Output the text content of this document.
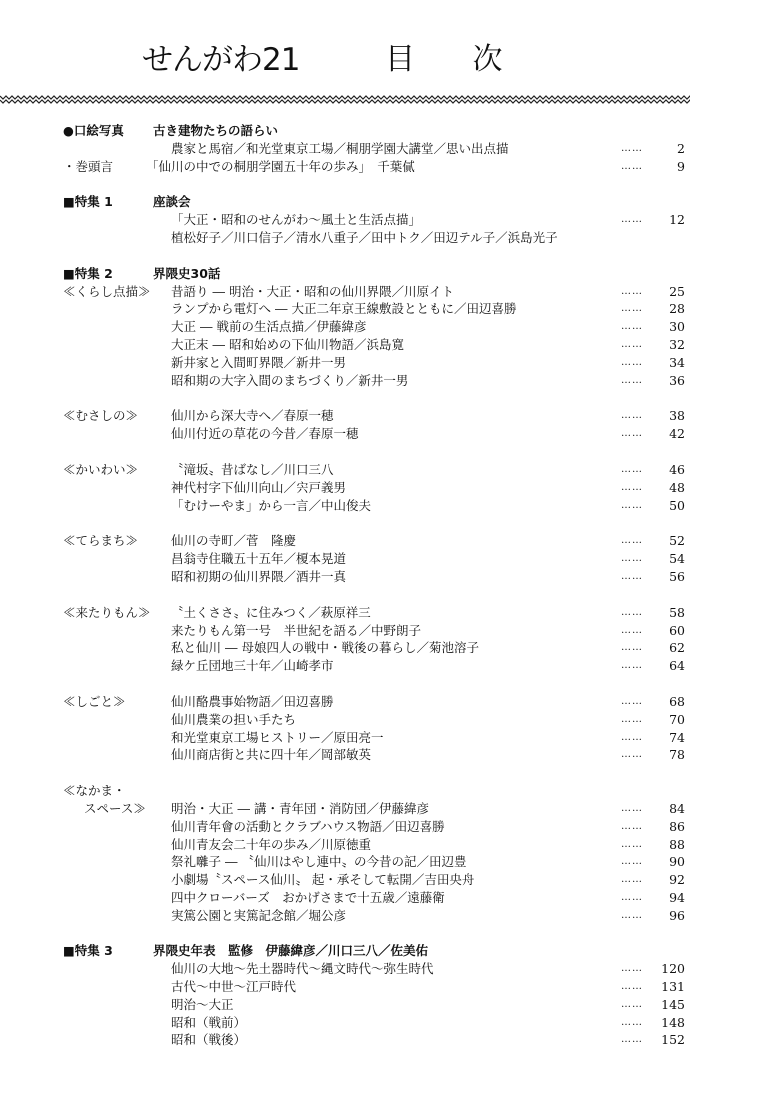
せんがわ21	目 次
●口絵写真 古き建物たちの語らい
農家と馬宿／和光堂東京工場／桐朋学園大講堂／思い出点描	……	2
・巻頭言	「仙川の中での桐朋学園五十年の歩み」　千葉㒃	……	9
■特集 1	座談会
「大正・昭和のせんがわ〜風土と生活点描」	…… 12
植松好子／川口信子／清水八重子／田中トク／田辺テル子／浜島光子
■特集 2	界隈史30話
≪くらし点描≫ 昔語り ― 明治・大正・昭和の仙川界隈／川原イト	…… 25
ランプから電灯へ ― 大正二年京王線敷設とともに／田辺喜勝	…… 28
大正 ― 戦前の生活点描／伊藤緯彦	…… 30
大正末 ― 昭和始めの下仙川物語／浜島寛	…… 32
新井家と入間町界隈／新井一男	…… 34
昭和期の大字入間のまちづくり／新井一男	…… 36
≪むさしの≫	仙川から深大寺へ／春原一穂	…… 38
仙川付近の草花の今昔／春原一穂	…… 42
≪かいわい≫	〝滝坂〟昔ばなし／川口三八	…… 46
神代村字下仙川向山／宍戸義男	…… 48
「むけーやま」から一言／中山俊夫	…… 50
≪てらまち≫	仙川の寺町／菅　隆慶	…… 52
昌翁寺住職五十五年／榎本晃道	…… 54
昭和初期の仙川界隈／酒井一真	…… 56
≪来たりもん≫ 〝土くささ〟に住みつく／萩原祥三	…… 58
来たりもん第一号　半世紀を語る／中野朗子	…… 60
私と仙川 ― 母娘四人の戦中・戦後の暮らし／菊池溶子	…… 62
緑ケ丘団地三十年／山崎孝市	…… 64
≪しごと≫	仙川酪農事始物語／田辺喜勝	…… 68
仙川農業の担い手たち	…… 70
和光堂東京工場ヒストリー／原田亮一	…… 74
仙川商店街と共に四十年／岡部敏英	…… 78
≪なかま・
スペース≫ 明治・大正 ― 講・青年団・消防団／伊藤緯彦	…… 84
仙川青年會の活動とクラブハウス物語／田辺喜勝	…… 86
仙川青友会二十年の歩み／川原徳重	…… 88
祭礼囃子 ― 〝仙川はやし連中〟の今昔の記／田辺豊	…… 90
小劇場〝スペース仙川〟 起・承そして転開／吉田央舟	…… 92
四中クローバーズ　おかげさまで十五歳／遠藤衛	…… 94
実篤公園と実篤記念館／堀公彦	…… 96
■特集 3	界隈史年表　監修　伊藤緯彦／川口三八／佐美佑
仙川の大地〜先土器時代〜縄文時代〜弥生時代	…… 120
古代〜中世〜江戸時代	…… 131
明治〜大正	…… 145
昭和（戦前）	…… 148
昭和（戦後）	…… 152
